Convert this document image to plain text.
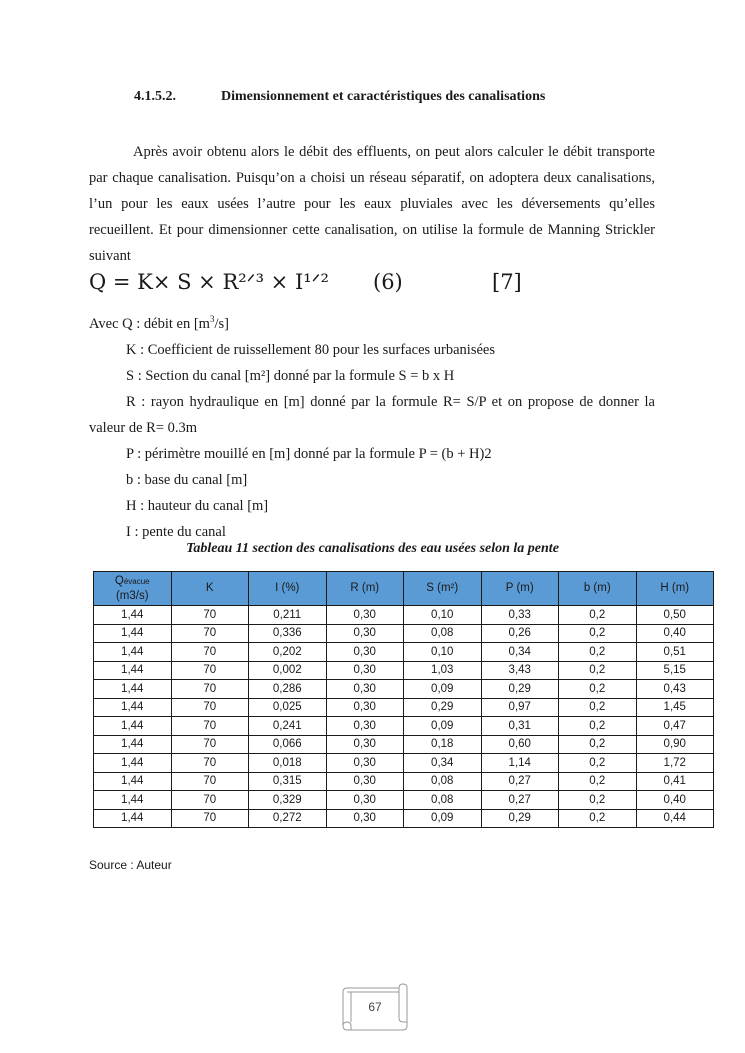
4.1.5.2.	Dimensionnement et caractéristiques des canalisations

Après avoir obtenu alors le débit des effluents, on peut alors calculer le débit transporte par chaque canalisation. Puisqu’on a choisi un réseau séparatif, on adoptera deux canalisations, l’un pour les eaux usées l’autre pour les eaux pluviales avec les déversements qu’elles recueillent. Et pour dimensionner cette canalisation, on utilise la formule de Manning Strickler suivant

Q = K× S × R²ᐟ³ × I¹ᐟ² (6)	[7]

Avec Q : débit en $[m^3/s]$

K : Coefficient de ruissellement 80 pour les surfaces urbanisées

S : Section du canal [m²] donné par la formule S = b x H

R : rayon hydraulique en [m] donné par la formule R= S/P et on propose de donner la valeur de R= 0.3m

P : périmètre mouillé en [m] donné par la formule P = (b + H)2

b : base du canal [m]

H : hauteur du canal [m]

I : pente du canal

Tableau 11 section des canalisations des eau usées selon la pente
Qévacue
(m3/s)	K	I (%)	R (m)	S (m²)	P (m)	b (m)	H (m)
1,44	70	0,211	0,30	0,10	0,33	0,2	0,50
1,44	70	0,336	0,30	0,08	0,26	0,2	0,40
1,44	70	0,202	0,30	0,10	0,34	0,2	0,51
1,44	70	0,002	0,30	1,03	3,43	0,2	5,15
1,44	70	0,286	0,30	0,09	0,29	0,2	0,43
1,44	70	0,025	0,30	0,29	0,97	0,2	1,45
1,44	70	0,241	0,30	0,09	0,31	0,2	0,47
1,44	70	0,066	0,30	0,18	0,60	0,2	0,90
1,44	70	0,018	0,30	0,34	1,14	0,2	1,72
1,44	70	0,315	0,30	0,08	0,27	0,2	0,41
1,44	70	0,329	0,30	0,08	0,27	0,2	0,40
1,44	70	0,272	0,30	0,09	0,29	0,2	0,44
Source : Auteur
67
